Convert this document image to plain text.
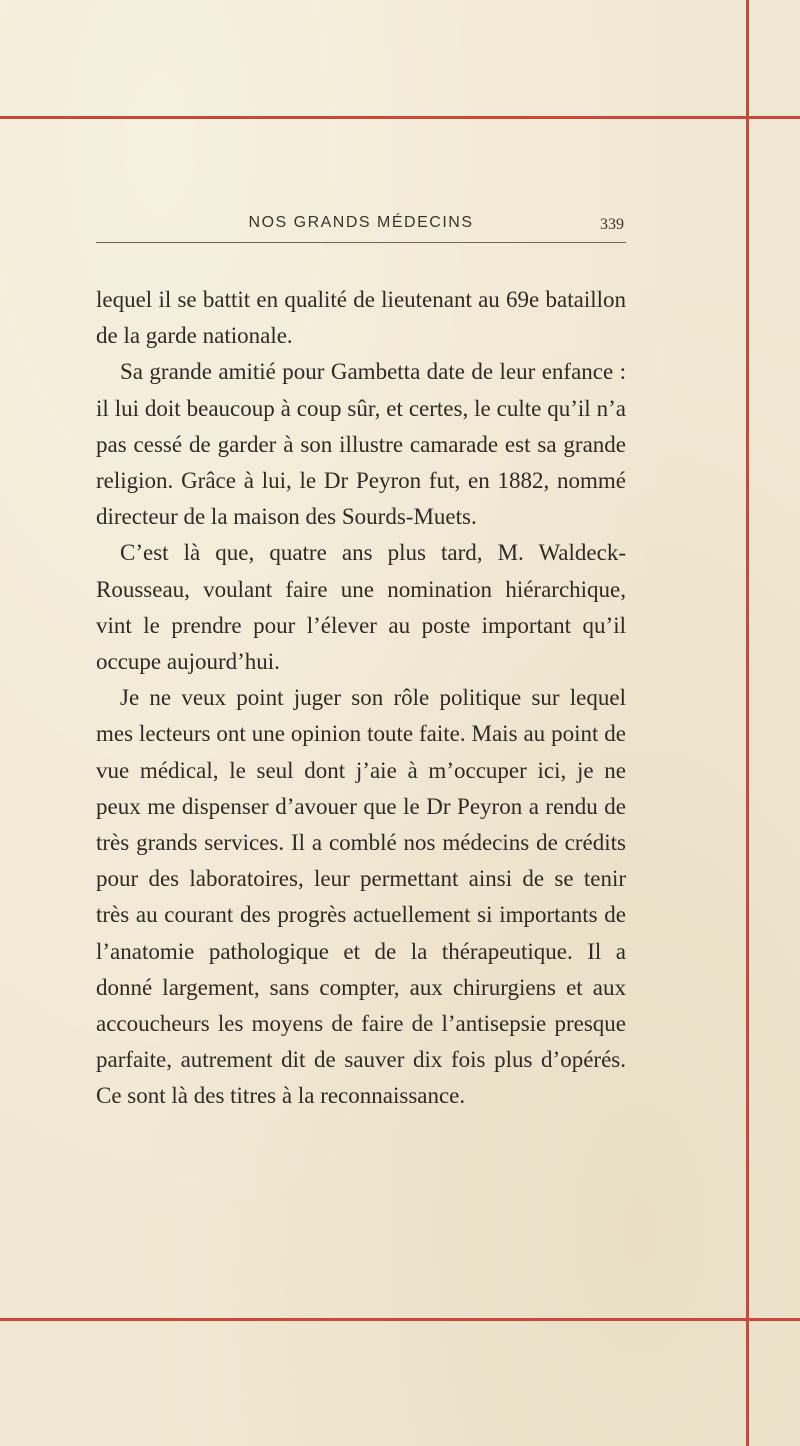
NOS GRANDS MÉDECINS	339

lequel il se battit en qualité de lieutenant au 69e bataillon de la garde nationale.

Sa grande amitié pour Gambetta date de leur enfance : il lui doit beaucoup à coup sûr, et certes, le culte qu’il n’a pas cessé de garder à son illustre camarade est sa grande religion. Grâce à lui, le Dr Peyron fut, en 1882, nommé directeur de la maison des Sourds-Muets.

C’est là que, quatre ans plus tard, M. Waldeck-Rousseau, voulant faire une nomination hiérarchique, vint le prendre pour l’élever au poste important qu’il occupe aujourd’hui.

Je ne veux point juger son rôle politique sur lequel mes lecteurs ont une opinion toute faite. Mais au point de vue médical, le seul dont j’aie à m’occuper ici, je ne peux me dispenser d’avouer que le Dr Peyron a rendu de très grands services. Il a comblé nos médecins de crédits pour des laboratoires, leur permettant ainsi de se tenir très au courant des progrès actuellement si importants de l’anatomie pathologique et de la thérapeutique. Il a donné largement, sans compter, aux chirurgiens et aux accoucheurs les moyens de faire de l’antisepsie presque parfaite, autrement dit de sauver dix fois plus d’opérés. Ce sont là des titres à la reconnaissance.
